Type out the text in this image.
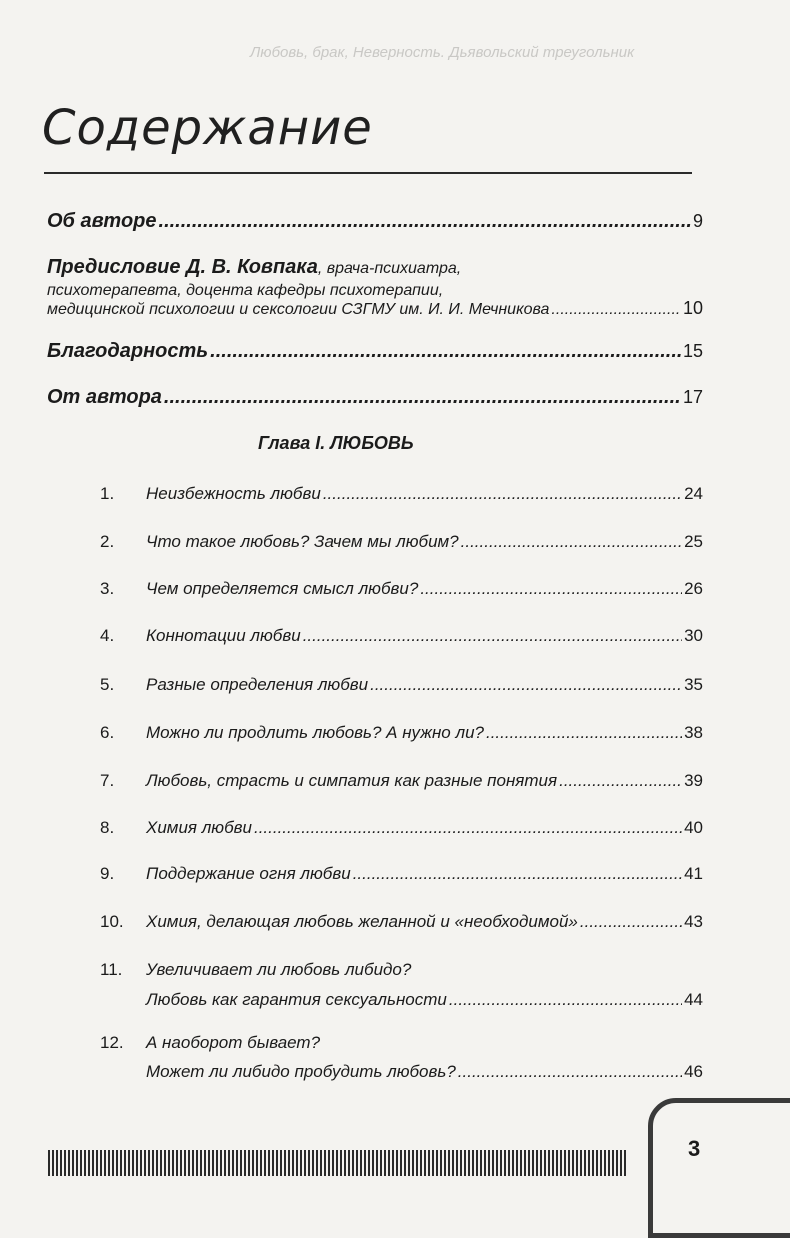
Любовь, брак, Неверность. Дьявольский треугольник
Содержание
Об авторе .....	9
Предисловие Д. В. Ковпака, врача-психиатра,
психотерапевта, доцента кафедры психотерапии,
медицинской психологии и сексологии СЗГМУ им. И. И. Мечникова .....	10
Благодарность .....	15
От автора .....	17
Глава I. ЛЮБОВЬ
1. Неизбежность любви .....	24
2. Что такое любовь? Зачем мы любим? .....	25
3. Чем определяется смысл любви? .....	26
4. Коннотации любви .....	30
5. Разные определения любви .....	35
6. Можно ли продлить любовь? А нужно ли? .....	38
7. Любовь, страсть и симпатия как разные понятия .....	39
8. Химия любви .....	40
9. Поддержание огня любви .....	41
10. Химия, делающая любовь желанной и «необходимой» .....	43
11. Увеличивает ли любовь либидо?
Любовь как гарантия сексуальности .....	44
12. А наоборот бывает?
Может ли либидо пробудить любовь? .....	46
3
